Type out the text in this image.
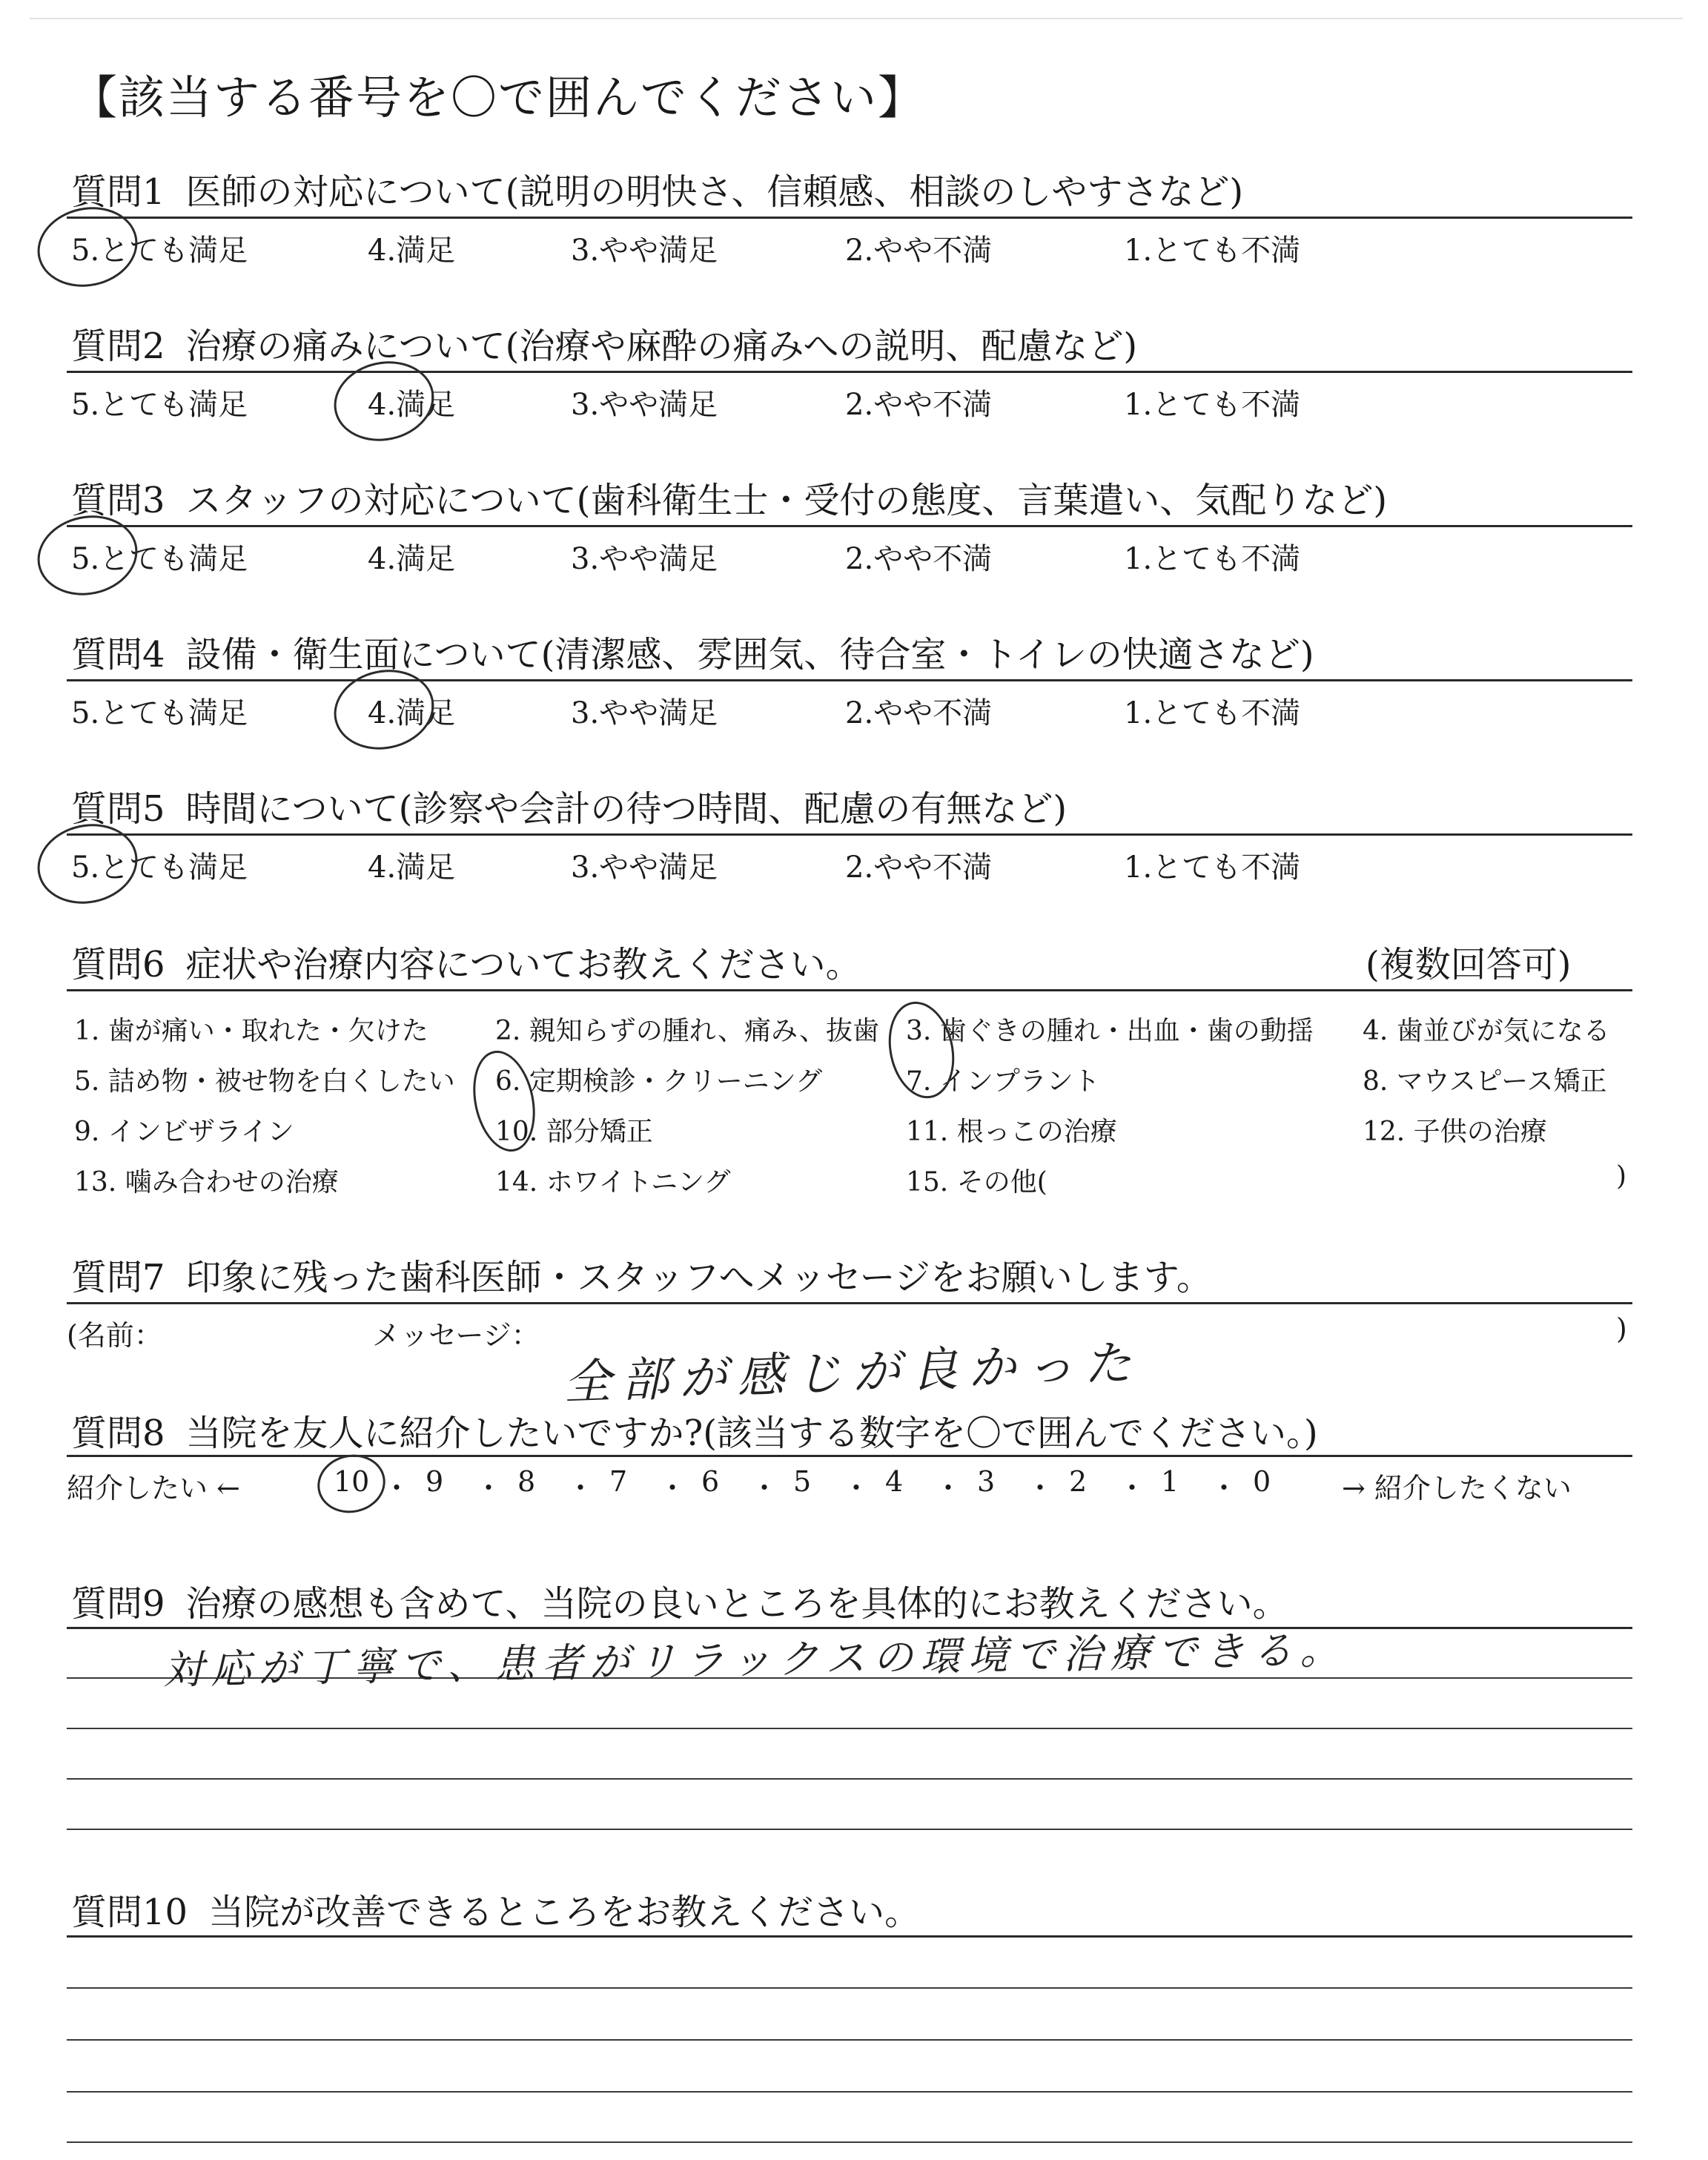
【該当する番号を〇で囲んでください】
質問1 医師の対応について(説明の明快さ、信頼感、相談のしやすさなど)
5.とても満足	4.満足	3.やや満足	2.やや不満	1.とても不満
質問2 治療の痛みについて(治療や麻酔の痛みへの説明、配慮など)
5.とても満足	4.満足	3.やや満足	2.やや不満	1.とても不満
質問3 スタッフの対応について(歯科衛生士・受付の態度、言葉遣い、気配りなど)
5.とても満足	4.満足	3.やや満足	2.やや不満	1.とても不満
質問4 設備・衛生面について(清潔感、雰囲気、待合室・トイレの快適さなど)
5.とても満足	4.満足	3.やや満足	2.やや不満	1.とても不満
質問5 時間について(診察や会計の待つ時間、配慮の有無など)
5.とても満足	4.満足	3.やや満足	2.やや不満	1.とても不満
質問6 症状や治療内容についてお教えください。	(複数回答可)
1. 歯が痛い・取れた・欠けた	2. 親知らずの腫れ、痛み、抜歯 3. 歯ぐきの腫れ・出血・歯の動揺 4. 歯並びが気になる
5. 詰め物・被せ物を白くしたい 6. 定期検診・クリーニング	7. インプラント	8. マウスピース矯正
9. インビザライン	10. 部分矯正	11. 根っこの治療	12. 子供の治療
13. 噛み合わせの治療	14. ホワイトニング	15. その他(	)
質問7 印象に残った歯科医師・スタッフへメッセージをお願いします。
(名前：	メッセージ：	)
全部が感じが良かった
質問8 当院を友人に紹介したいですか?(該当する数字を〇で囲んでください。)
紹介したい ←	→ 紹介したくない
10 ・ 9 ・ 8 ・ 7 ・ 6 ・ 5 ・ 4 ・ 3 ・ 2 ・ 1 ・ 0
質問9 治療の感想も含めて、当院の良いところを具体的にお教えください。
対応が丁寧で、患者がリラックスの環境で治療できる。
質問10 当院が改善できるところをお教えください。
